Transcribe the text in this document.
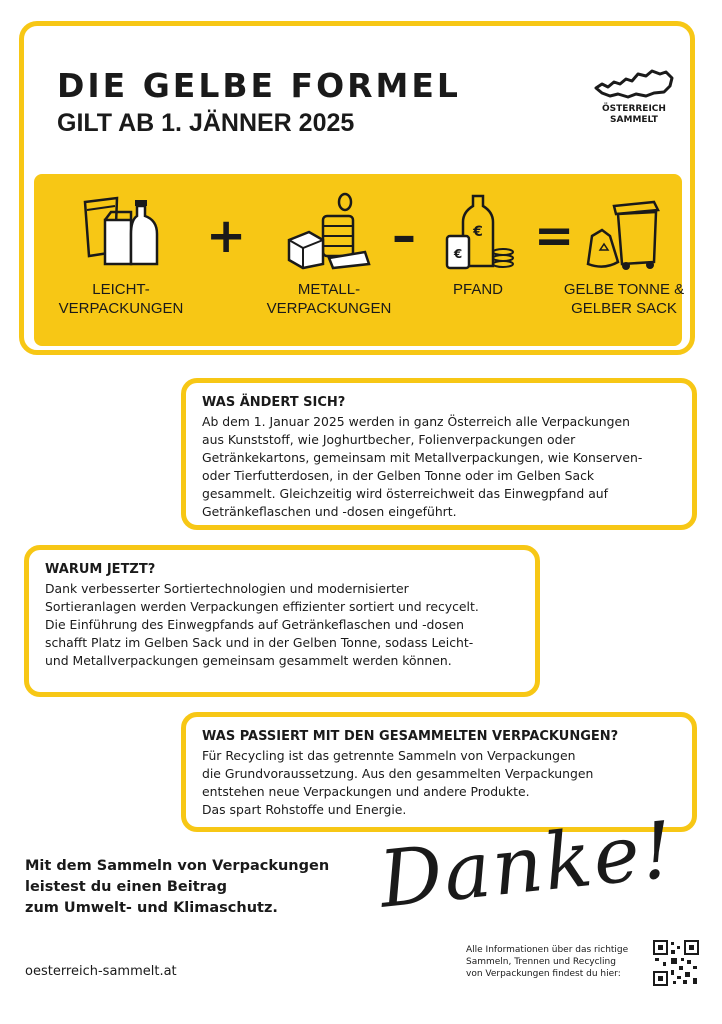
DIE GELBE FORMEL
GILT AB 1. JÄNNER 2025	ÖSTERREICH
SAMMELT
LEICHT-
VERPACKUNGEN
+
METALL-
VERPACKUNGEN
–	€
€
PFAND
=
GELBE TONNE &
GELBER SACK
WAS ÄNDERT SICH?

Ab dem 1. Januar 2025 werden in ganz Österreich alle Verpackungen
aus Kunststoff, wie Joghurtbecher, Folienverpackungen oder
Getränkekartons, gemeinsam mit Metallverpackungen, wie Konserven-
oder Tierfutterdosen, in der Gelben Tonne oder im Gelben Sack
gesammelt. Gleichzeitig wird österreichweit das Einwegpfand auf
Getränkeflaschen und -dosen eingeführt.

WARUM JETZT?

Dank verbesserter Sortiertechnologien und modernisierter
Sortieranlagen werden Verpackungen effizienter sortiert und recycelt.
Die Einführung des Einwegpfands auf Getränkeflaschen und -dosen
schafft Platz im Gelben Sack und in der Gelben Tonne, sodass Leicht-
und Metallverpackungen gemeinsam gesammelt werden können.

WAS PASSIERT MIT DEN GESAMMELTEN VERPACKUNGEN?

Für Recycling ist das getrennte Sammeln von Verpackungen
die Grundvoraussetzung. Aus den gesammelten Verpackungen
entstehen neue Verpackungen und andere Produkte.
Das spart Rohstoffe und Energie.

Mit dem Sammeln von Verpackungen
leistest du einen Beitrag
zum Umwelt- und Klimaschutz.	Danke!

oesterreich-sammelt.at

Alle Informationen über das richtige
Sammeln, Trennen und Recycling
von Verpackungen findest du hier:
